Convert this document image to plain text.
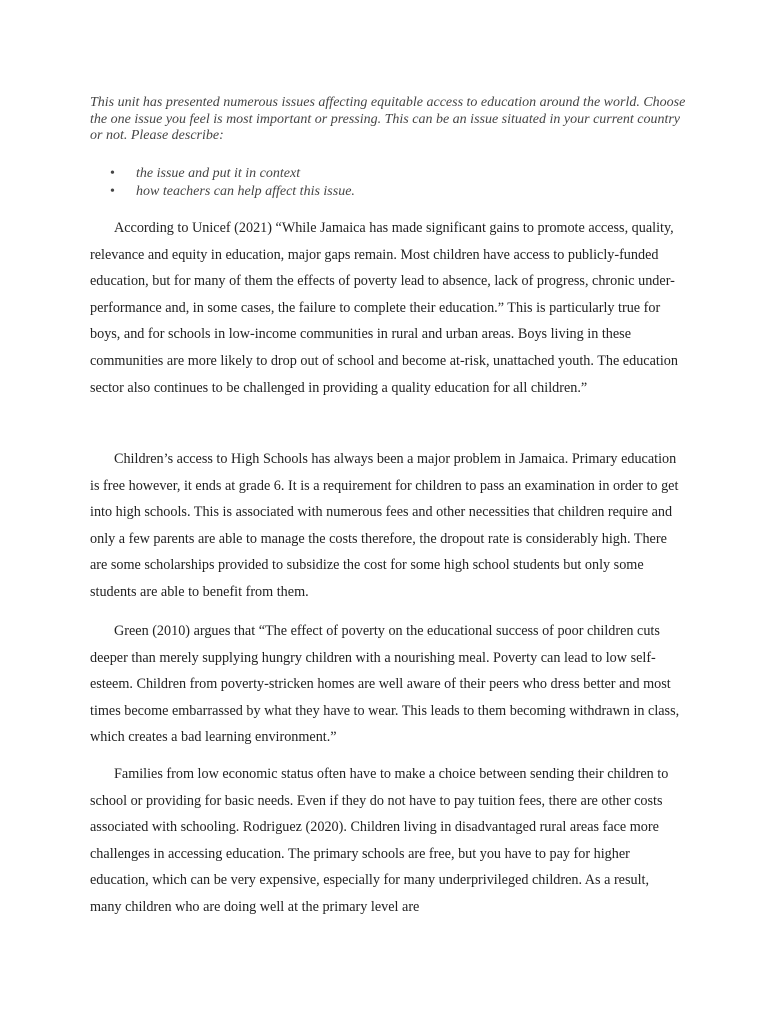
This unit has presented numerous issues affecting equitable access to education around the world. Choose the one issue you feel is most important or pressing. This can be an issue situated in your current country or not. Please describe:
• the issue and put it in context
• how teachers can help affect this issue.

According to Unicef (2021) “While Jamaica has made significant gains to promote access, quality, relevance and equity in education, major gaps remain. Most children have access to publicly-funded education, but for many of them the effects of poverty lead to absence, lack of progress, chronic under-performance and, in some cases, the failure to complete their education.” This is particularly true for boys, and for schools in low-income communities in rural and urban areas. Boys living in these communities are more likely to drop out of school and become at-risk, unattached youth. The education sector also continues to be challenged in providing a quality education for all children.”

Children’s access to High Schools has always been a major problem in Jamaica. Primary education is free however, it ends at grade 6. It is a requirement for children to pass an examination in order to get into high schools. This is associated with numerous fees and other necessities that children require and only a few parents are able to manage the costs therefore, the dropout rate is considerably high. There are some scholarships provided to subsidize the cost for some high school students but only some students are able to benefit from them.

Green (2010) argues that “The effect of poverty on the educational success of poor children cuts deeper than merely supplying hungry children with a nourishing meal. Poverty can lead to low self-esteem. Children from poverty-stricken homes are well aware of their peers who dress better and most times become embarrassed by what they have to wear. This leads to them becoming withdrawn in class, which creates a bad learning environment.”

Families from low economic status often have to make a choice between sending their children to school or providing for basic needs. Even if they do not have to pay tuition fees, there are other costs associated with schooling. Rodriguez (2020). Children living in disadvantaged rural areas face more challenges in accessing education. The primary schools are free, but you have to pay for higher education, which can be very expensive, especially for many underprivileged children. As a result, many children who are doing well at the primary level are
